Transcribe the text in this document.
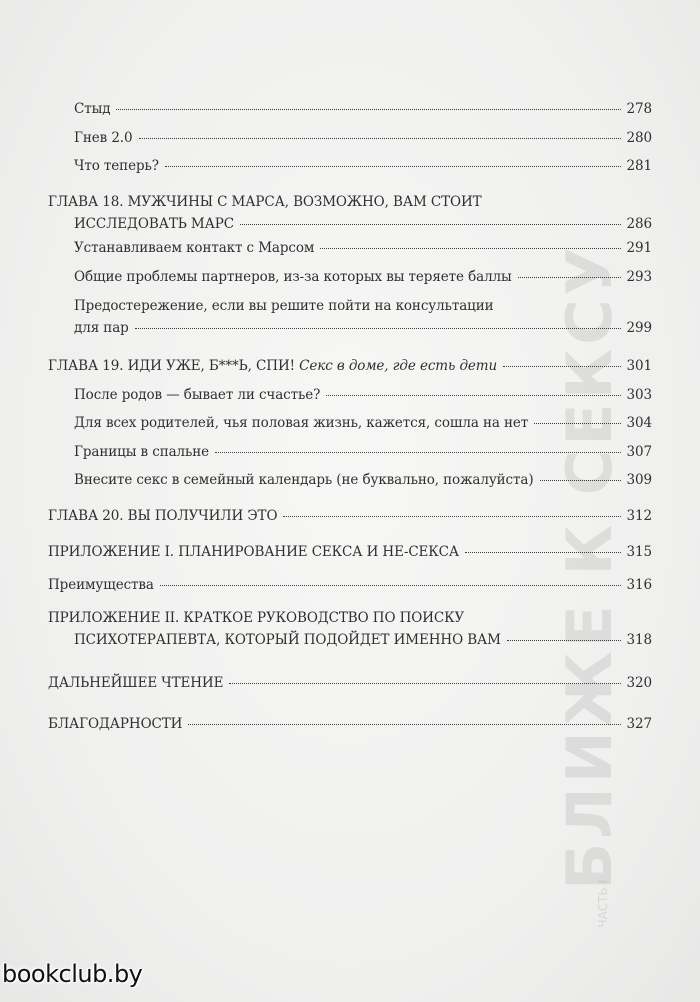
БЛИЖЕ К СЕКСУ
ЧАСТЬ I
Стыд	278
Гнев 2.0	280
Что теперь?	281
ГЛАВА 18. МУЖЧИНЫ С МАРСА, ВОЗМОЖНО, ВАМ СТОИТ
ИССЛЕДОВАТЬ МАРС	286
Устанавливаем контакт с Марсом	291
Общие проблемы партнеров, из-за которых вы теряете баллы	293
Предостережение, если вы решите пойти на консультации
для пар	299
ГЛАВА 19. ИДИ УЖЕ, Б***Ь, СПИ! Секс в доме, где есть дети	301
После родов — бывает ли счастье?	303
Для всех родителей, чья половая жизнь, кажется, сошла на нет	304
Границы в спальне	307
Внесите секс в семейный календарь (не буквально, пожалуйста)	309
ГЛАВА 20. ВЫ ПОЛУЧИЛИ ЭТО	312
ПРИЛОЖЕНИЕ I. ПЛАНИРОВАНИЕ СЕКСА И НЕ-СЕКСА	315
Преимущества	316
ПРИЛОЖЕНИЕ II. КРАТКОЕ РУКОВОДСТВО ПО ПОИСКУ
ПСИХОТЕРАПЕВТА, КОТОРЫЙ ПОДОЙДЕТ ИМЕННО ВАМ	318
ДАЛЬНЕЙШЕЕ ЧТЕНИЕ	320
БЛАГОДАРНОСТИ	327
bookclub.by
